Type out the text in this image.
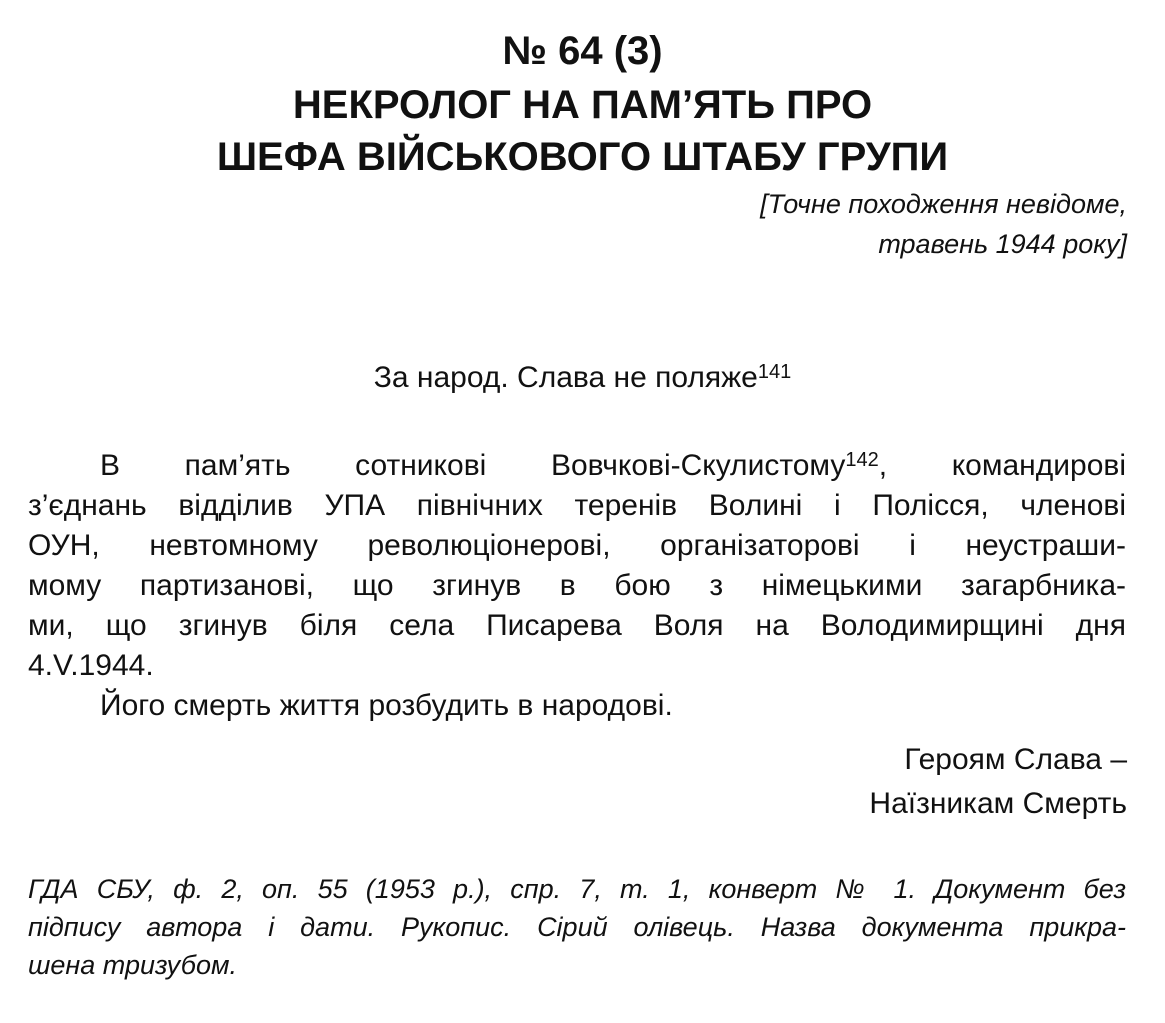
№ 64 (3)
НЕКРОЛОГ НА ПАМ’ЯТЬ ПРО
ШЕФА ВІЙСЬКОВОГО ШТАБУ ГРУПИ
[Точне походження невідоме,
травень 1944 року]
За народ. Слава не поляже$^{141}$
В пам’ять сотникові Вовчкові-Скулистому$^{142}$, командирові
з’єднань відділив УПА північних теренів Волині і Полісся, членові
ОУН, невтомному революціонерові, організаторові і неустраши-
мому партизанові, що згинув в бою з німецькими загарбника-
ми, що згинув біля села Писарева Воля на Володимирщині дня
4.V.1944.
Його смерть життя розбудить в народові.
Героям Слава –
Наїзникам Смерть
ГДА СБУ, ф. 2, оп. 55 (1953 р.), спр. 7, т. 1, конверт № 1. Документ без
підпису автора і дати. Рукопис. Сірий олівець. Назва документа прикра-
шена тризубом.
